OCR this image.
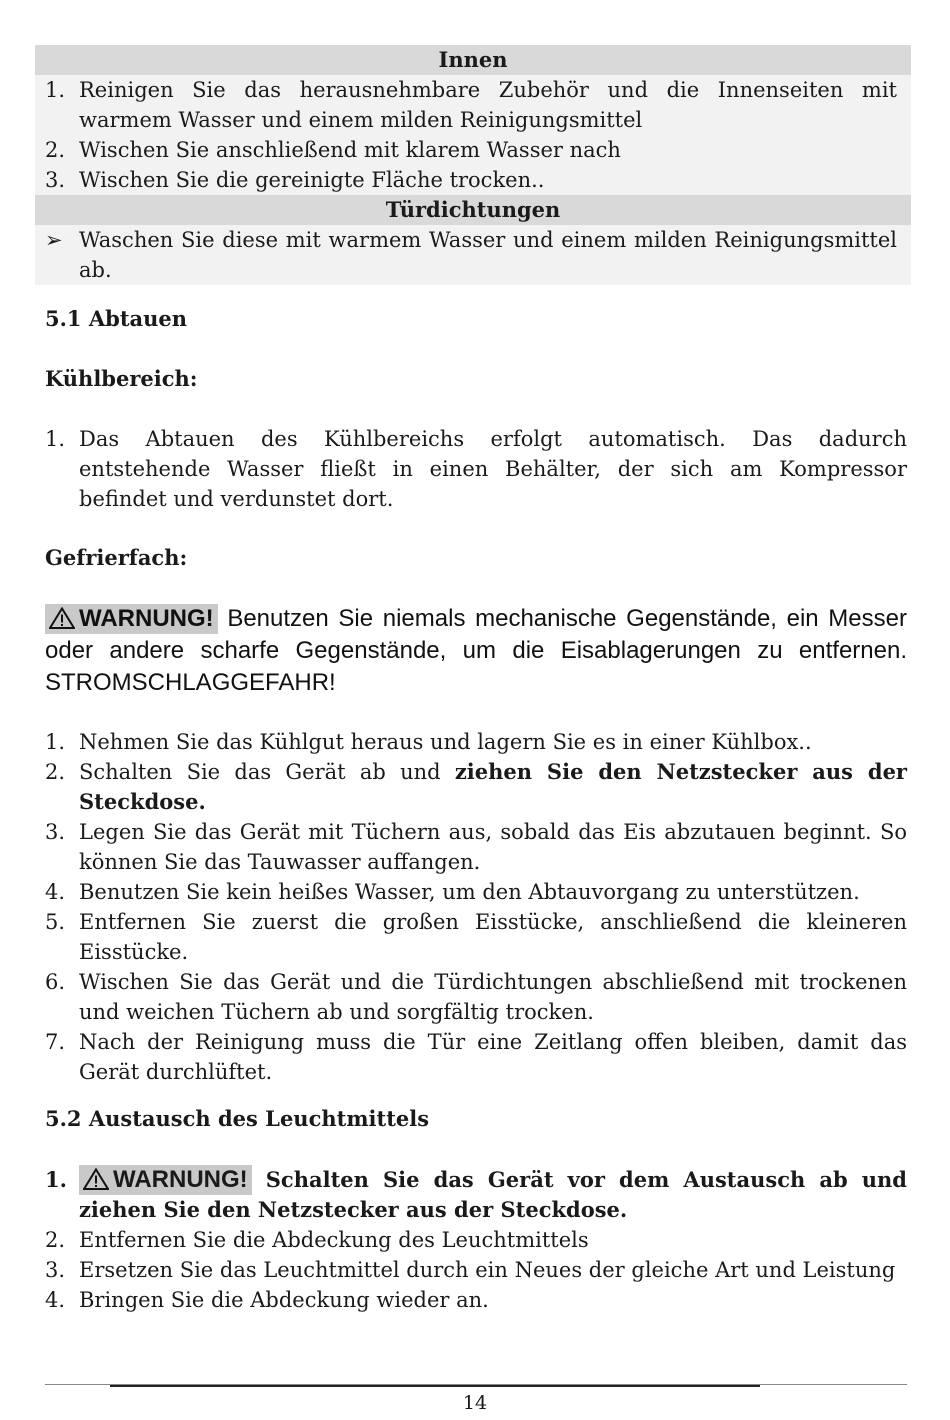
Innen
1. Reinigen Sie das herausnehmbare Zubehör und die Innenseiten mit warmem Wasser und einem milden Reinigungsmittel
2. Wischen Sie anschließend mit klarem Wasser nach
3. Wischen Sie die gereinigte Fläche trocken..
Türdichtungen
➢ Waschen Sie diese mit warmem Wasser und einem milden Reinigungsmittel ab.
5.1 Abtauen
Kühlbereich:
1. Das Abtauen des Kühlbereichs erfolgt automatisch. Das dadurch entstehende Wasser fließt in einen Behälter, der sich am Kompressor befindet und verdunstet dort.
Gefrierfach:
WARNUNG! Benutzen Sie niemals mechanische Gegenstände, ein Messer oder andere scharfe Gegenstände, um die Eisablagerungen zu entfernen. STROMSCHLAGGEFAHR!
1. Nehmen Sie das Kühlgut heraus und lagern Sie es in einer Kühlbox..
2. Schalten Sie das Gerät ab und ziehen Sie den Netzstecker aus der Steckdose.
3. Legen Sie das Gerät mit Tüchern aus, sobald das Eis abzutauen beginnt. So können Sie das Tauwasser auffangen.
4. Benutzen Sie kein heißes Wasser, um den Abtauvorgang zu unterstützen.
5. Entfernen Sie zuerst die großen Eisstücke, anschließend die kleineren Eisstücke.
6. Wischen Sie das Gerät und die Türdichtungen abschließend mit trockenen und weichen Tüchern ab und sorgfältig trocken.
7. Nach der Reinigung muss die Tür eine Zeitlang offen bleiben, damit das Gerät durchlüftet.
5.2 Austausch des Leuchtmittels
1.	WARNUNG! Schalten Sie das Gerät vor dem Austausch ab und ziehen Sie den Netzstecker aus der Steckdose.
2. Entfernen Sie die Abdeckung des Leuchtmittels
3. Ersetzen Sie das Leuchtmittel durch ein Neues der gleiche Art und Leistung
4. Bringen Sie die Abdeckung wieder an.
14
